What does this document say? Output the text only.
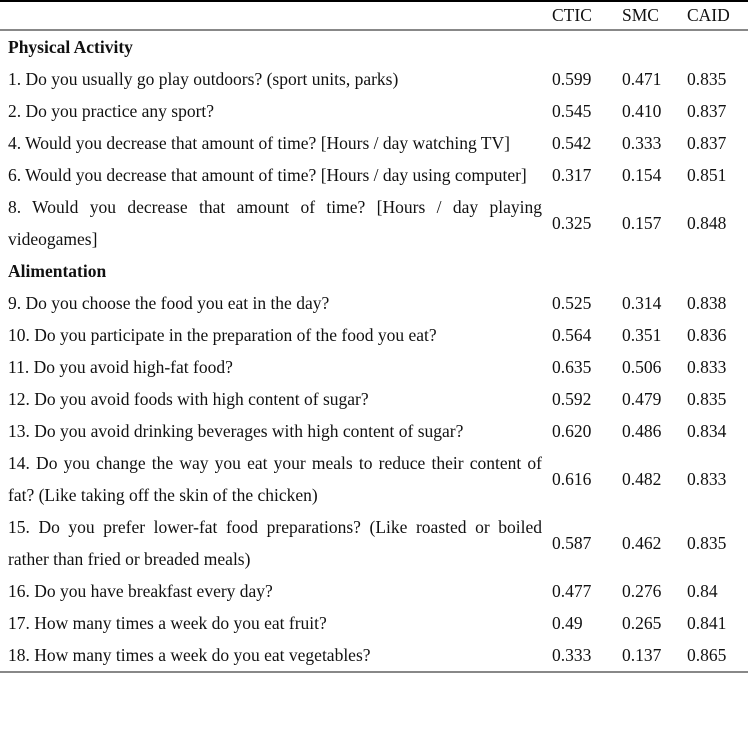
	CTIC	SMC	CAID
Physical Activity			
1. Do you usually go play outdoors? (sport units, parks)	0.599	0.471	0.835
2. Do you practice any sport?	0.545	0.410	0.837
4. Would you decrease that amount of time? [Hours / day watching TV]	0.542	0.333	0.837
6. Would you decrease that amount of time? [Hours / day using computer]	0.317	0.154	0.851
8. Would you decrease that amount of time? [Hours / day playing videogames]	0.325	0.157	0.848
Alimentation			
9. Do you choose the food you eat in the day?	0.525	0.314	0.838
10. Do you participate in the preparation of the food you eat?	0.564	0.351	0.836
11. Do you avoid high-fat food?	0.635	0.506	0.833
12. Do you avoid foods with high content of sugar?	0.592	0.479	0.835
13. Do you avoid drinking beverages with high content of sugar?	0.620	0.486	0.834
14. Do you change the way you eat your meals to reduce their content of fat? (Like taking off the skin of the chicken)	0.616	0.482	0.833
15. Do you prefer lower-fat food preparations? (Like roasted or boiled rather than fried or breaded meals)	0.587	0.462	0.835
16. Do you have breakfast every day?	0.477	0.276	0.84
17. How many times a week do you eat fruit?	0.49	0.265	0.841
18. How many times a week do you eat vegetables?	0.333	0.137	0.865
